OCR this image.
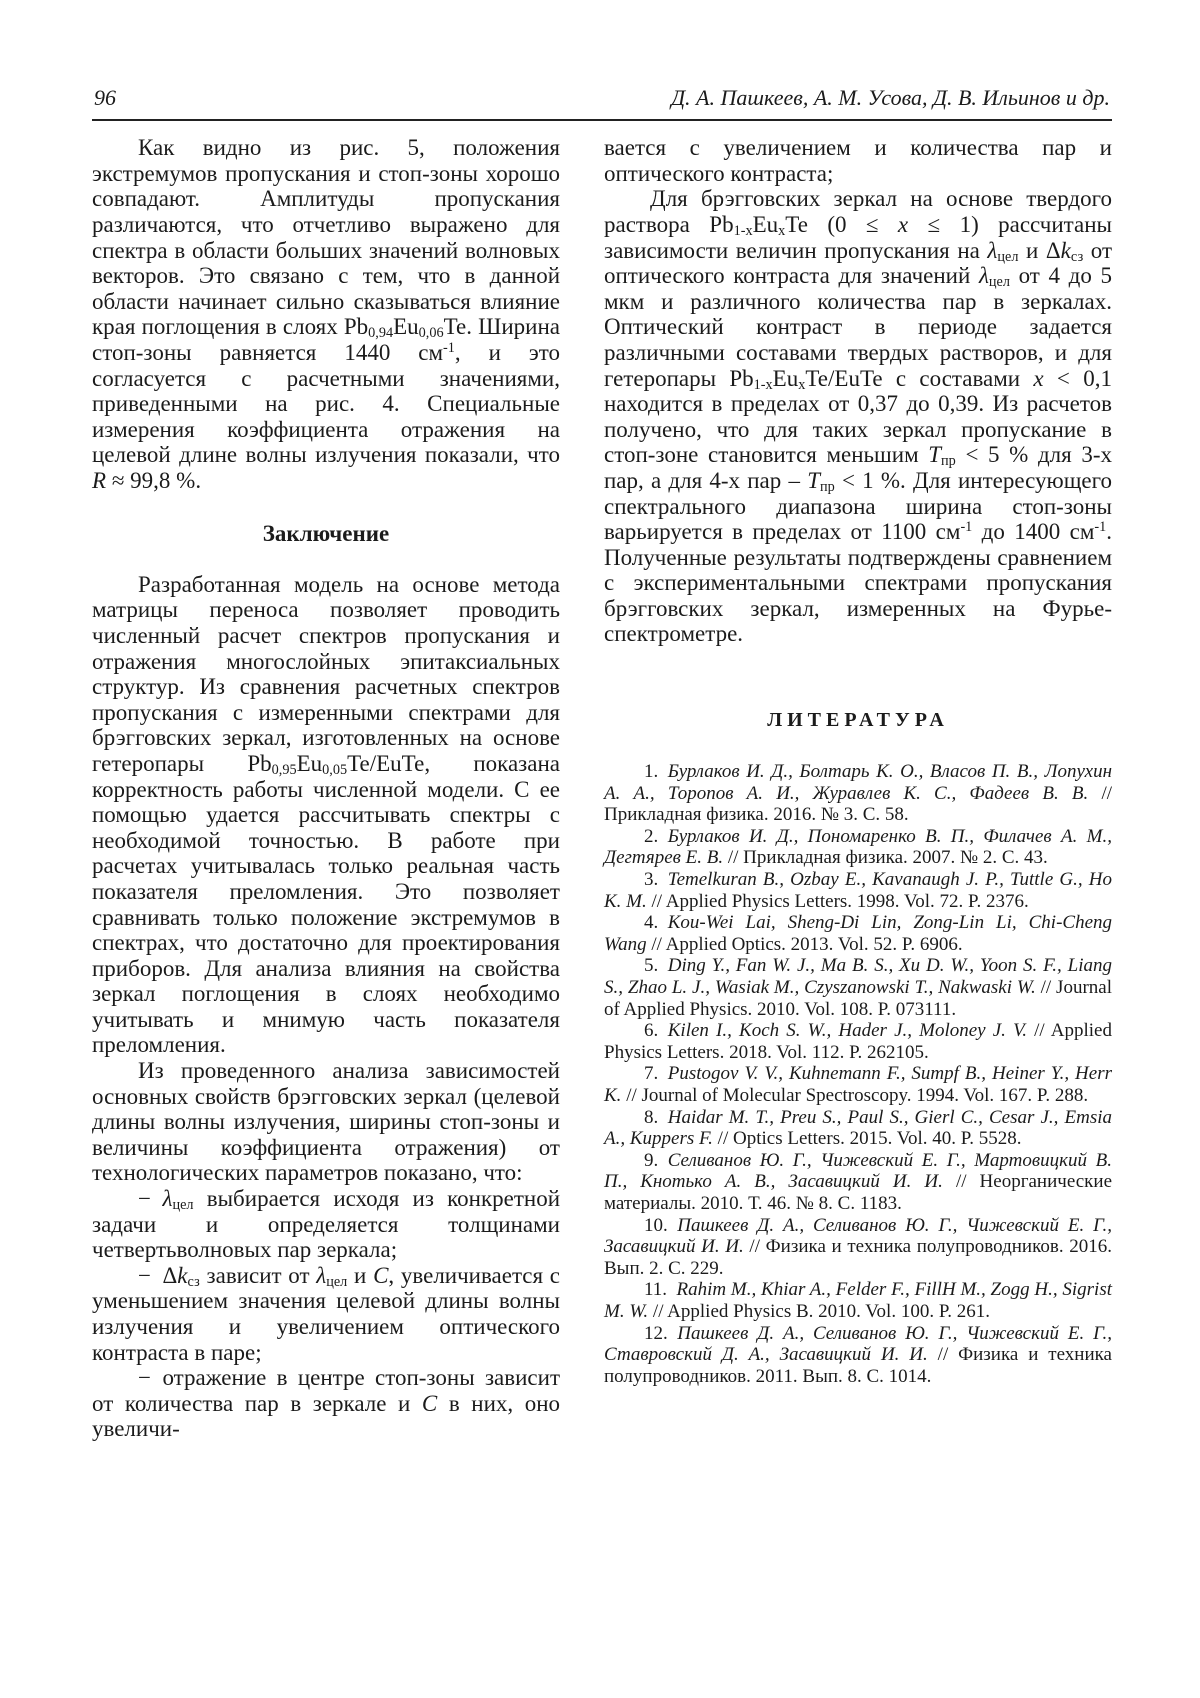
96	Д. А. Пашкеев, А. М. Усова, Д. В. Ильинов и др.

Как видно из рис. 5, положения экстремумов пропускания и стоп-зоны хорошо совпадают. Амплитуды пропускания различаются, что отчетливо выражено для спектра в области больших значений волновых векторов. Это связано с тем, что в данной области начинает сильно сказываться влияние края поглощения в слоях $Pb_{0,94}Eu_{0,06}Te$. Ширина стоп-зоны равняется 1440 $см^{-1}$, и это согласуется с расчетными значениями, приведенными на рис. 4. Специальные измерения коэффициента отражения на целевой длине волны излучения показали, что R ≈ 99,8 %.

Заключение

Разработанная модель на основе метода матрицы переноса позволяет проводить численный расчет спектров пропускания и отражения многослойных эпитаксиальных структур. Из сравнения расчетных спектров пропускания с измеренными спектрами для брэгговских зеркал, изготовленных на основе гетеропары $Pb_{0,95}Eu_{0,05}Te$/EuTe, показана корректность работы численной модели. С ее помощью удается рассчитывать спектры с необходимой точностью. В работе при расчетах учитывалась только реальная часть показателя преломления. Это позволяет сравнивать только положение экстремумов в спектрах, что достаточно для проектирования приборов. Для анализа влияния на свойства зеркал поглощения в слоях необходимо учитывать и мнимую часть показателя преломления.

Из проведенного анализа зависимостей основных свойств брэгговских зеркал (целевой длины волны излучения, ширины стоп-зоны и величины коэффициента отражения) от технологических параметров показано, что:

− $\lambda_{цел}$ выбирается исходя из конкретной задачи и определяется толщинами четвертьволновых пар зеркала;

− $\Delta k_{сз}$ зависит от $\lambda_{цел}$ и C, увеличивается с уменьшением значения целевой длины волны излучения и увеличением оптического контраста в паре;

− отражение в центре стоп-зоны зависит от количества пар в зеркале и C в них, оно увеличи-

вается с увеличением и количества пар и оптического контраста;

Для брэгговских зеркал на основе твердого раствора $Pb_{1-x}Eu_xTe$ (0 ≤ x ≤ 1) рассчитаны зависимости величин пропускания на $\lambda_{цел}$ и $\Delta k_{сз}$ от оптического контраста для значений $\lambda_{цел}$ от 4 до 5 мкм и различного количества пар в зеркалах. Оптический контраст в периоде задается различными составами твердых растворов, и для гетеропары $Pb_{1-x}Eu_xTe$/EuTe с составами x < 0,1 находится в пределах от 0,37 до 0,39. Из расчетов получено, что для таких зеркал пропускание в стоп-зоне становится меньшим $T_{пр} < 5$ % для 3-х пар, а для 4-х пар – $T_{пр} < 1$ %. Для интересующего спектрального диапазона ширина стоп-зоны варьируется в пределах от 1100 $см^{-1}$ до 1400 $см^{-1}$. Полученные результаты подтверждены сравнением с экспериментальными спектрами пропускания брэгговских зеркал, измеренных на Фурье-спектрометре.

ЛИТЕРАТУРА

1. Бурлаков И. Д., Болтарь К. О., Власов П. В., Лопухин А. А., Торопов А. И., Журавлев К. С., Фадеев В. В. // Прикладная физика. 2016. № 3. С. 58.

2. Бурлаков И. Д., Пономаренко В. П., Филачев А. М., Дегтярев Е. В. // Прикладная физика. 2007. № 2. С. 43.

3. Temelkuran B., Ozbay E., Kavanaugh J. P., Tuttle G., Ho K. M. // Applied Physics Letters. 1998. Vol. 72. P. 2376.

4. Kou-Wei Lai, Sheng-Di Lin, Zong-Lin Li, Chi-Cheng Wang // Applied Optics. 2013. Vol. 52. P. 6906.

5. Ding Y., Fan W. J., Ma B. S., Xu D. W., Yoon S. F., Liang S., Zhao L. J., Wasiak M., Czyszanowski T., Nakwaski W. // Journal of Applied Physics. 2010. Vol. 108. P. 073111.

6. Kilen I., Koch S. W., Hader J., Moloney J. V. // Applied Physics Letters. 2018. Vol. 112. P. 262105.

7. Pustogov V. V., Kuhnemann F., Sumpf B., Heiner Y., Herr K. // Journal of Molecular Spectroscopy. 1994. Vol. 167. P. 288.

8. Haidar M. T., Preu S., Paul S., Gierl C., Cesar J., Emsia A., Kuppers F. // Optics Letters. 2015. Vol. 40. P. 5528.

9. Селиванов Ю. Г., Чижевский Е. Г., Мартовицкий В. П., Кнотько А. В., Засавицкий И. И. // Неорганические материалы. 2010. Т. 46. № 8. С. 1183.

10. Пашкеев Д. А., Селиванов Ю. Г., Чижевский Е. Г., Засавицкий И. И. // Физика и техника полупроводников. 2016. Вып. 2. С. 229.

11. Rahim M., Khiar A., Felder F., FillH M., Zogg H., Sigrist M. W. // Applied Physics B. 2010. Vol. 100. P. 261.

12. Пашкеев Д. А., Селиванов Ю. Г., Чижевский Е. Г., Ставровский Д. А., Засавицкий И. И. // Физика и техника полупроводников. 2011. Вып. 8. С. 1014.
